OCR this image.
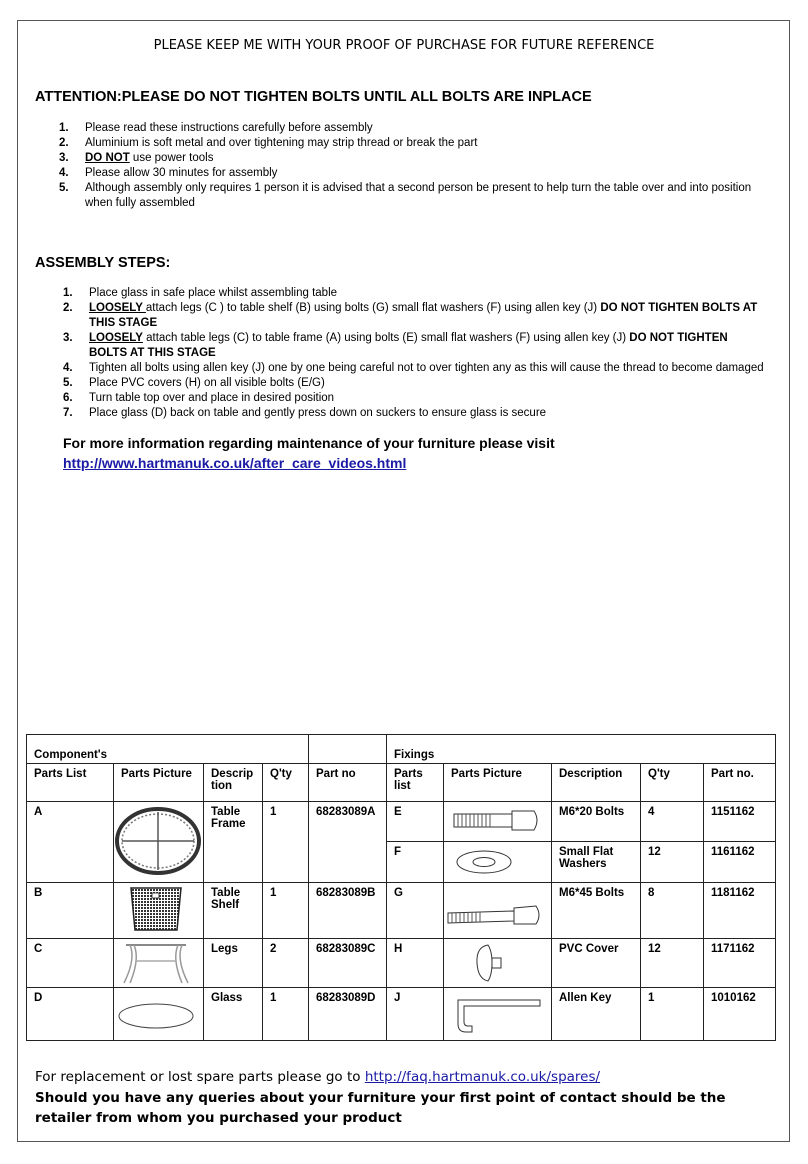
PLEASE KEEP ME WITH YOUR PROOF OF PURCHASE FOR FUTURE REFERENCE
ATTENTION:PLEASE DO NOT TIGHTEN BOLTS UNTIL ALL BOLTS ARE INPLACE
1. Please read these instructions carefully before assembly
2. Aluminium is soft metal and over tightening may strip thread or break the part
3. DO NOT use power tools
4. Please allow 30 minutes for assembly
5. Although assembly only requires 1 person it is advised that a second person be present to help turn the table over and into position when fully assembled
ASSEMBLY STEPS:
1. Place glass in safe place whilst assembling table
2. LOOSELY attach legs (C ) to table shelf (B) using bolts (G) small flat washers (F) using allen key (J) DO NOT TIGHTEN BOLTS AT THIS STAGE
3. LOOSELY attach table legs (C) to table frame (A) using bolts (E) small flat washers (F) using allen key (J) DO NOT TIGHTEN BOLTS AT THIS STAGE
4. Tighten all bolts using allen key (J) one by one being careful not to over tighten any as this will cause the thread to become damaged
5. Place PVC covers (H) on all visible bolts (E/G)
6. Turn table top over and place in desired position
7. Place glass (D) back on table and gently press down on suckers to ensure glass is secure
For more information regarding maintenance of your furniture please visit
http://www.hartmanuk.co.uk/after_care_videos.html
Component's					Fixings				
Parts List	Parts Picture	Descrip tion	Q'ty	Part no	Parts list	Parts Picture	Description	Q'ty	Part no.
A		Table Frame	1	68283089A	E		M6*20 Bolts	4	1151162
					F		Small Flat Washers	12	1161162
B		Table Shelf	1	68283089B	G		M6*45 Bolts	8	1181162
C		Legs	2	68283089C	H		PVC Cover	12	1171162
D		Glass	1	68283089D	J		Allen Key	1	1010162
For replacement or lost spare parts please go to http://faq.hartmanuk.co.uk/spares/
Should you have any queries about your furniture your first point of contact should be the retailer from whom you purchased your product
